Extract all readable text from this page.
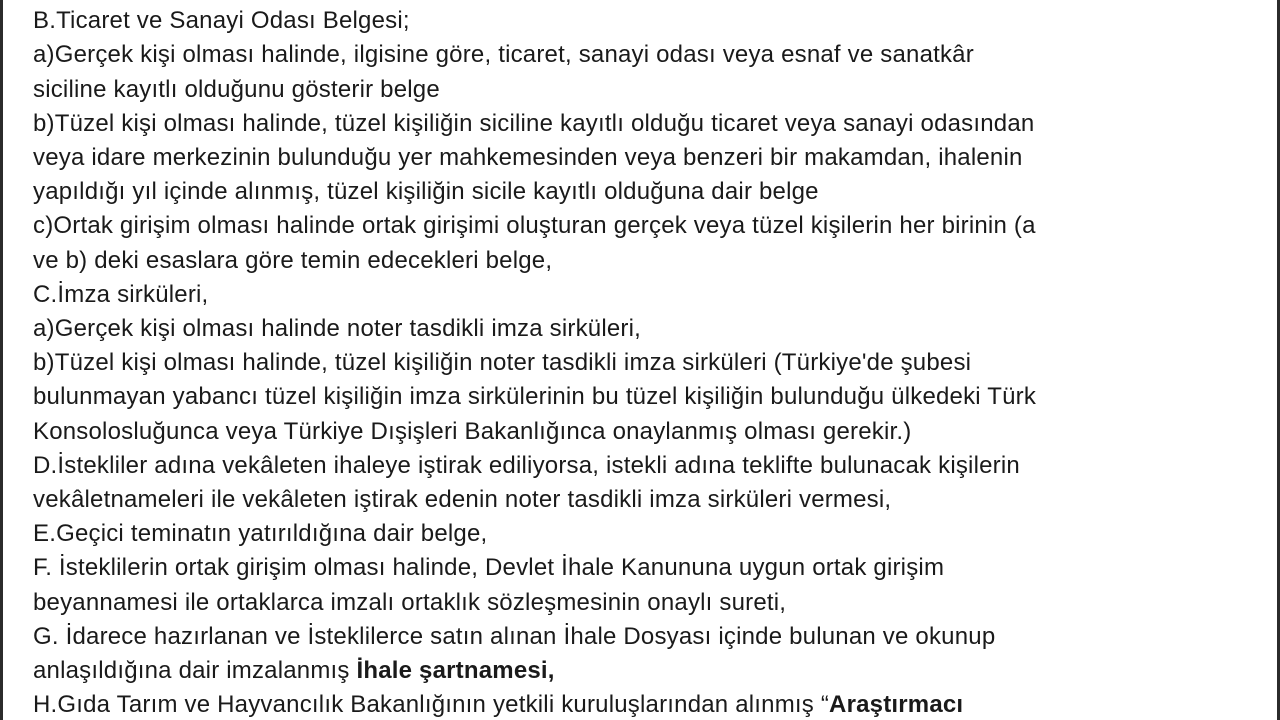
B.Ticaret ve Sanayi Odası Belgesi;
a)Gerçek kişi olması halinde, ilgisine göre, ticaret, sanayi odası veya esnaf ve sanatkâr
siciline kayıtlı olduğunu gösterir belge
b)Tüzel kişi olması halinde, tüzel kişiliğin siciline kayıtlı olduğu ticaret veya sanayi odasından
veya idare merkezinin bulunduğu yer mahkemesinden veya benzeri bir makamdan, ihalenin
yapıldığı yıl içinde alınmış, tüzel kişiliğin sicile kayıtlı olduğuna dair belge
c)Ortak girişim olması halinde ortak girişimi oluşturan gerçek veya tüzel kişilerin her birinin (a
ve b) deki esaslara göre temin edecekleri belge,
C.İmza sirküleri,
a)Gerçek kişi olması halinde noter tasdikli imza sirküleri,
b)Tüzel kişi olması halinde, tüzel kişiliğin noter tasdikli imza sirküleri (Türkiye'de şubesi
bulunmayan yabancı tüzel kişiliğin imza sirkülerinin bu tüzel kişiliğin bulunduğu ülkedeki Türk
Konsolosluğunca veya Türkiye Dışişleri Bakanlığınca onaylanmış olması gerekir.)
D.İstekliler adına vekâleten ihaleye iştirak ediliyorsa, istekli adına teklifte bulunacak kişilerin
vekâletnameleri ile vekâleten iştirak edenin noter tasdikli imza sirküleri vermesi,
E.Geçici teminatın yatırıldığına dair belge,
F. İsteklilerin ortak girişim olması halinde, Devlet İhale Kanununa uygun ortak girişim
beyannamesi ile ortaklarca imzalı ortaklık sözleşmesinin onaylı sureti,
G. İdarece hazırlanan ve İsteklilerce satın alınan İhale Dosyası içinde bulunan ve okunup
anlaşıldığına dair imzalanmış İhale şartnamesi,
H.Gıda Tarım ve Hayvancılık Bakanlığının yetkili kuruluşlarından alınmış “Araştırmacı
